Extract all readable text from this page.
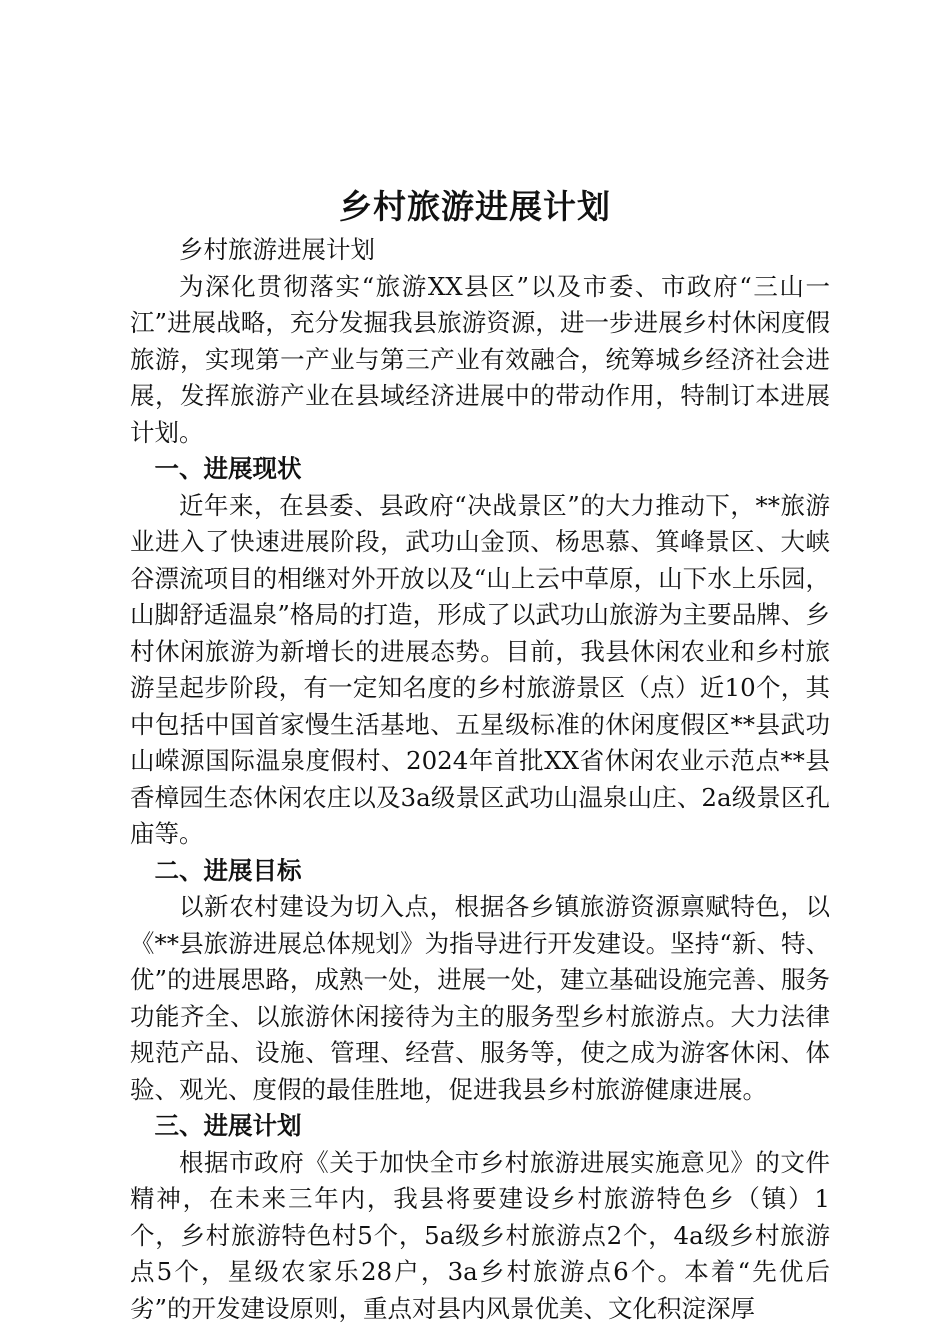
乡村旅游进展计划

乡村旅游进展计划

为深化贯彻落实“旅游XX县区”以及市委、市政府“三山一江”进展战略，充分发掘我县旅游资源，进一步进展乡村休闲度假旅游，实现第一产业与第三产业有效融合，统筹城乡经济社会进展，发挥旅游产业在县域经济进展中的带动作用，特制订本进展计划。

一、进展现状

近年来，在县委、县政府“决战景区”的大力推动下，**旅游业进入了快速进展阶段，武功山金顶、杨思慕、箕峰景区、大峡谷漂流项目的相继对外开放以及“山上云中草原，山下水上乐园，山脚舒适温泉”格局的打造，形成了以武功山旅游为主要品牌、乡村休闲旅游为新增长的进展态势。目前，我县休闲农业和乡村旅游呈起步阶段，有一定知名度的乡村旅游景区（点）近10个，其中包括中国首家慢生活基地、五星级标准的休闲度假区**县武功山嵘源国际温泉度假村、2024年首批XX省休闲农业示范点**县香樟园生态休闲农庄以及3a级景区武功山温泉山庄、2a级景区孔庙等。

二、进展目标

以新农村建设为切入点，根据各乡镇旅游资源禀赋特色，以《**县旅游进展总体规划》为指导进行开发建设。坚持“新、特、优”的进展思路，成熟一处，进展一处，建立基础设施完善、服务功能齐全、以旅游休闲接待为主的服务型乡村旅游点。大力法律规范产品、设施、管理、经营、服务等，使之成为游客休闲、体验、观光、度假的最佳胜地，促进我县乡村旅游健康进展。

三、进展计划

根据市政府《关于加快全市乡村旅游进展实施意见》的文件精神，在未来三年内，我县将要建设乡村旅游特色乡（镇）1个，乡村旅游特色村5个，5a级乡村旅游点2个，4a级乡村旅游点5个，星级农家乐28户，3a乡村旅游点6个。本着“先优后劣”的开发建设原则，重点对县内风景优美、文化积淀深厚
